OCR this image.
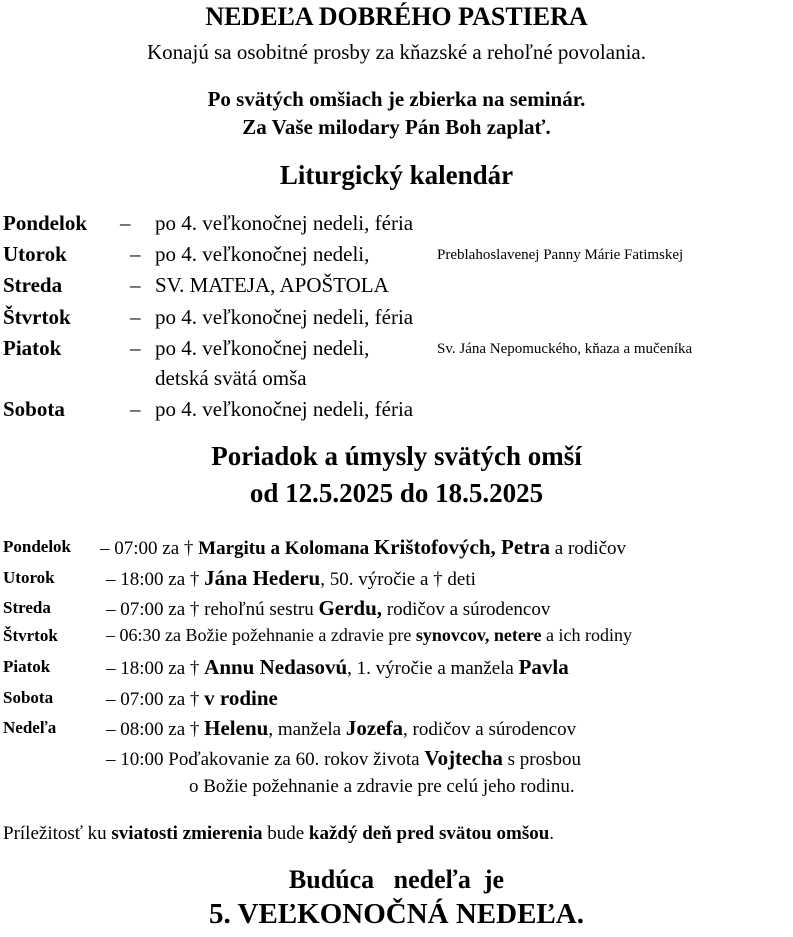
NEDEĽA DOBRÉHO PASTIERA
Konajú sa osobitné prosby za kňazské a rehoľné povolania.
Po svätých omšiach je zbierka na seminár.
Za Vaše milodary Pán Boh zaplať.
Liturgický kalendár
Pondelok – po 4. veľkonočnej nedeli, féria
Utorok	– po 4. veľkonočnej nedeli,	Preblahoslavenej Panny Márie Fatimskej
Streda	– SV. MATEJA, APOŠTOLA
Štvrtok	– po 4. veľkonočnej nedeli, féria
Piatok	– po 4. veľkonočnej nedeli,	Sv. Jána Nepomuckého, kňaza a mučeníka
detská svätá omša
Sobota	– po 4. veľkonočnej nedeli, féria
Poriadok a úmysly svätých omší
od 12.5.2025 do 18.5.2025
Pondelok – 07:00 za † Margitu a Kolomana Krištofových, Petra a rodičov
Utorok	– 18:00 za † Jána Hederu, 50. výročie a † deti
Streda	– 07:00 za † rehoľnú sestru Gerdu, rodičov a súrodencov
Štvrtok	– 06:30 za Božie požehnanie a zdravie pre synovcov, netere a ich rodiny
Piatok	– 18:00 za † Annu Nedasovú, 1. výročie a manžela Pavla
Sobota	– 07:00 za † v rodine
Nedeľa	– 08:00 za † Helenu, manžela Jozefa, rodičov a súrodencov
– 10:00 Poďakovanie za 60. rokov života Vojtecha s prosbou
o Božie požehnanie a zdravie pre celú jeho rodinu.
Príležitosť ku sviatosti zmierenia bude každý deň pred svätou omšou.
Budúca   nedeľa  je
5. VEĽKONOČNÁ NEDEĽA.
